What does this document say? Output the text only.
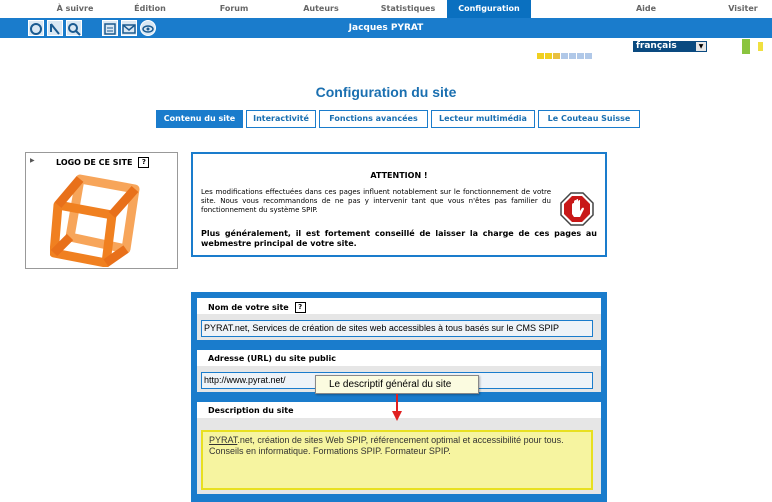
À suivre	Édition	Forum	Auteurs	Statistiques	Configuration	Aide	Visiter
français	▼
Jacques PYRAT
Configuration du site
Contenu du site	Interactivité	Fonctions avancées	Lecteur multimédia	Le Couteau Suisse
▶	LOGO DE CE SITE ?
ATTENTION !
Les modifications effectuées dans ces pages influent notablement sur le fonctionnement de votre site. Nous vous recommandons de ne pas y intervenir tant que vous n'êtes pas familier du fonctionnement du système SPIP.
Plus généralement, il est fortement conseillé de laisser la charge de ces pages au webmestre principal de votre site.
Nom de votre site ?
PYRAT.net, Services de création de sites web accessibles à tous basés sur le CMS SPIP
Adresse (URL) du site public
http://www.pyrat.net/
Description du site
PYRAT.net, création de sites Web SPIP, référencement optimal et accessibilité pour tous. Conseils en informatique. Formations SPIP. Formateur SPIP.
Le descriptif général du site
